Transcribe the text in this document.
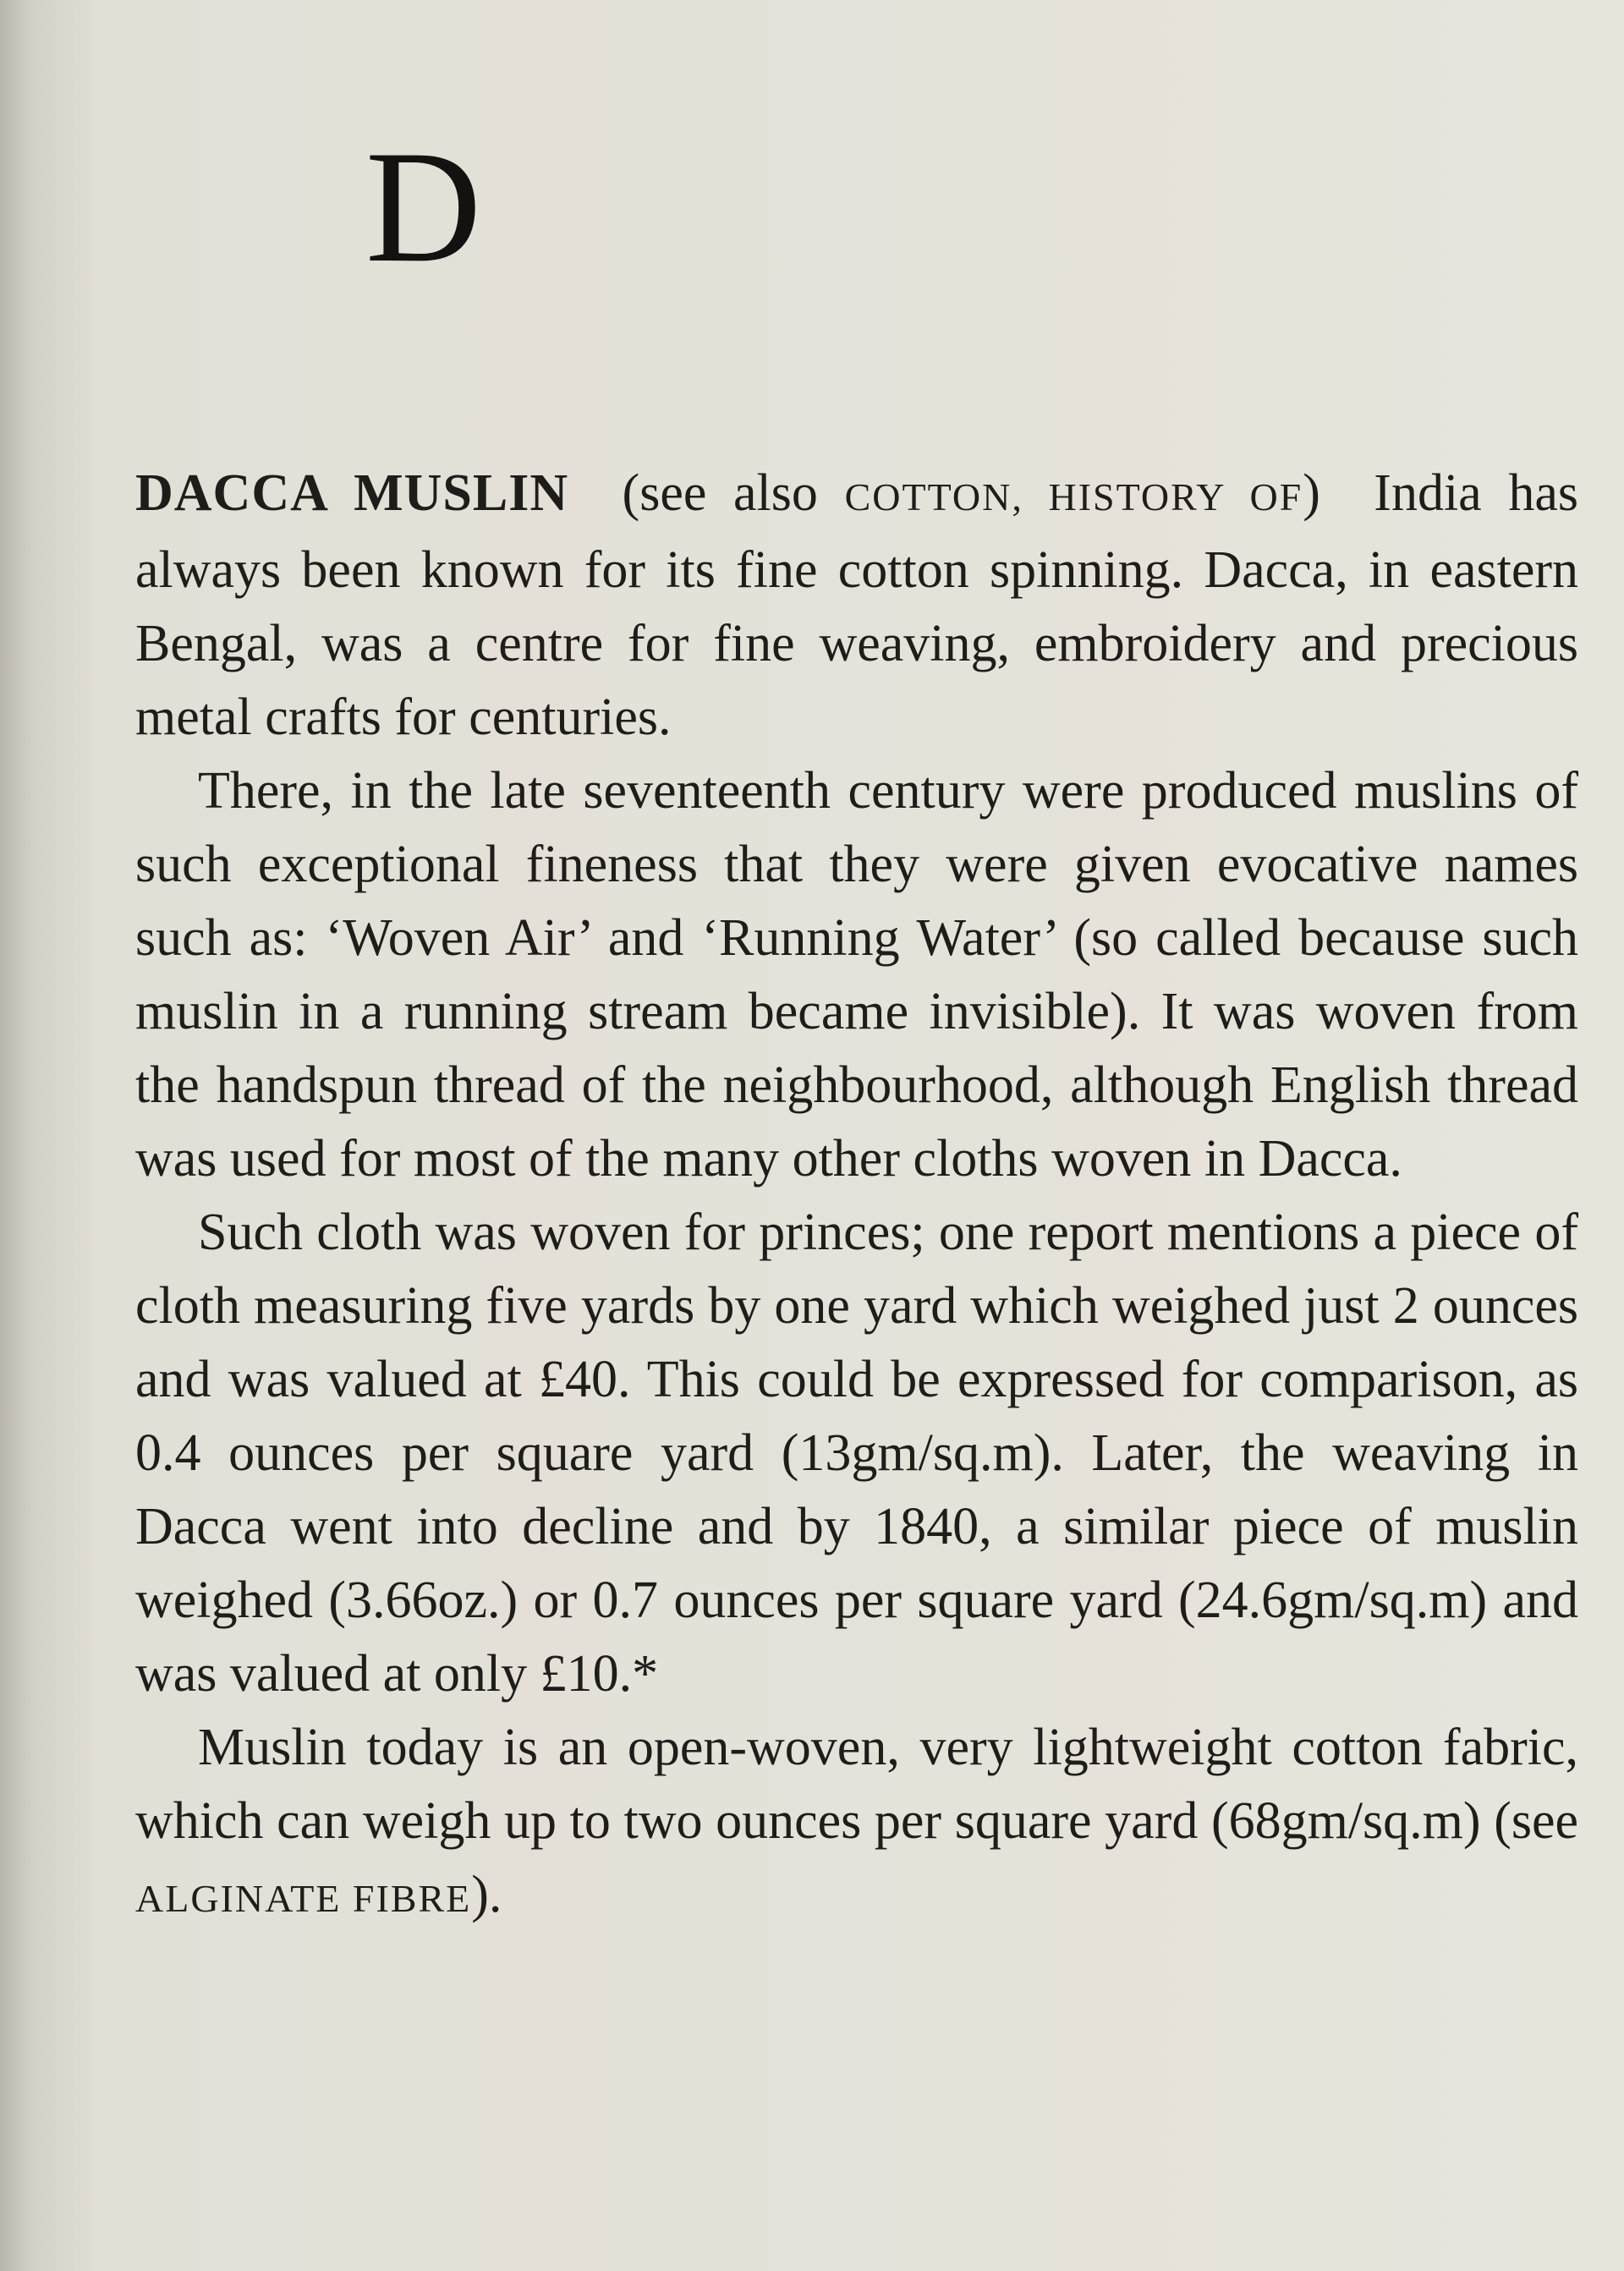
D

DACCA MUSLIN (see also COTTON, HISTORY OF) India has always been known for its fine cotton spinning. Dacca, in eastern Bengal, was a centre for fine weaving, embroidery and precious metal crafts for centuries.

There, in the late seventeenth century were produced muslins of such exceptional fineness that they were given evocative names such as: ‘Woven Air’ and ‘Running Water’ (so called because such muslin in a running stream became invisible). It was woven from the handspun thread of the neighbourhood, although English thread was used for most of the many other cloths woven in Dacca.

Such cloth was woven for princes; one report mentions a piece of cloth measuring five yards by one yard which weighed just 2 ounces and was valued at £40. This could be expressed for comparison, as 0.4 ounces per square yard (13gm/sq.m). Later, the weaving in Dacca went into decline and by 1840, a similar piece of muslin weighed (3.66oz.) or 0.7 ounces per square yard (24.6gm/sq.m) and was valued at only £10.*

Muslin today is an open-woven, very lightweight cotton fabric, which can weigh up to two ounces per square yard (68gm/sq.m) (see ALGINATE FIBRE).
